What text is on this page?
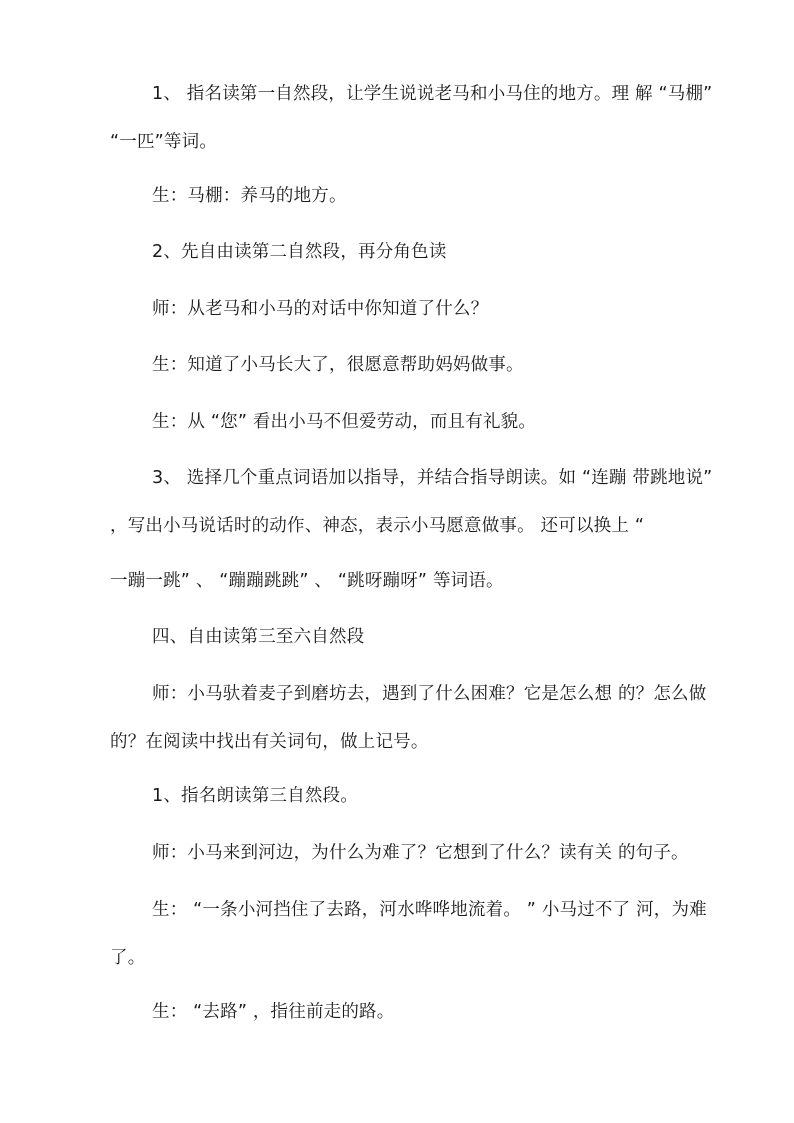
1、 指名读第一自然段，让学生说说老马和小马住的地方。理 解 “马棚” “一匹”等词。

生：马棚：养马的地方。

2、先自由读第二自然段，再分角色读

师：从老马和小马的对话中你知道了什么？

生：知道了小马长大了，很愿意帮助妈妈做事。

生：从 “您” 看出小马不但爱劳动，而且有礼貌。

3、 选择几个重点词语加以指导，并结合指导朗读。如 “连蹦 带跳地说” ，写出小马说话时的动作、神态，表示小马愿意做事。 还可以换上 “

一蹦一跳” 、 “蹦蹦跳跳” 、 “跳呀蹦呀” 等词语。

四、自由读第三至六自然段

师：小马驮着麦子到磨坊去，遇到了什么困难？它是怎么想 的？怎么做的？在阅读中找出有关词句，做上记号。

1、指名朗读第三自然段。

师：小马来到河边，为什么为难了？它想到了什么？读有关 的句子。

生： “一条小河挡住了去路，河水哗哗地流着。 ” 小马过不了 河，为难了。

生： “去路” ，指往前走的路。
